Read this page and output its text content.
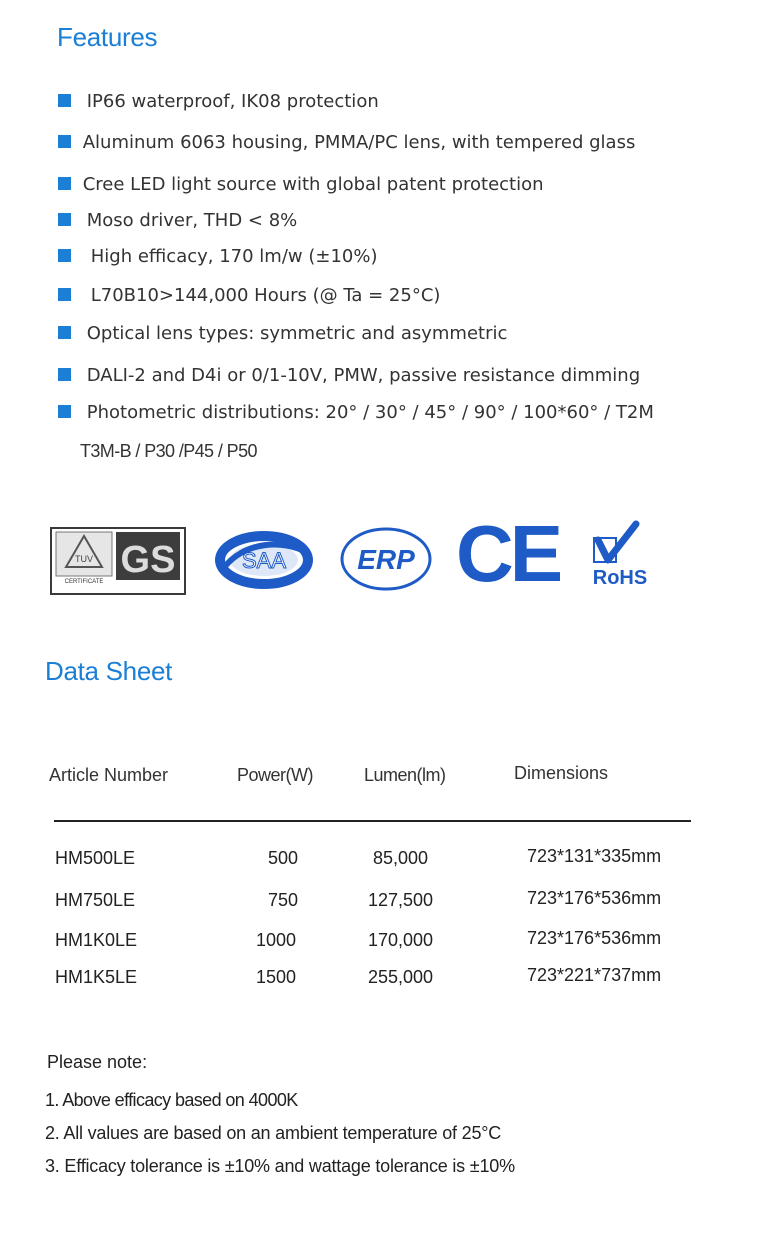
Features
IP66 waterproof, IK08 protection
Aluminum 6063 housing, PMMA/PC lens, with tempered glass
Cree LED light source with global patent protection
Moso driver, THD < 8%
High efficacy, 170 lm/w (±10%)
L70B10>144,000 Hours (@ Ta = 25°C)
Optical lens types: symmetric and asymmetric
DALI-2 and D4i or 0/1-10V, PMW, passive resistance dimming
Photometric distributions: 20° / 30° / 45° / 90° / 100*60° / T2M
T3M-B / P30 /P45 / P50
TUV
CERTIFICATE
GS	SAA	ERP CE RoHS
Data Sheet
Article Number	Power(W)	Lumen(lm)	Dimensions
HM500LE	500	85,000	723*131*335mm
HM750LE	750	127,500	723*176*536mm
HM1K0LE	1000	170,000	723*176*536mm
HM1K5LE	1500	255,000	723*221*737mm
Please note:
1. Above efficacy based on 4000K
2. All values are based on an ambient temperature of 25°C
3. Efficacy tolerance is ±10% and wattage tolerance is ±10%
